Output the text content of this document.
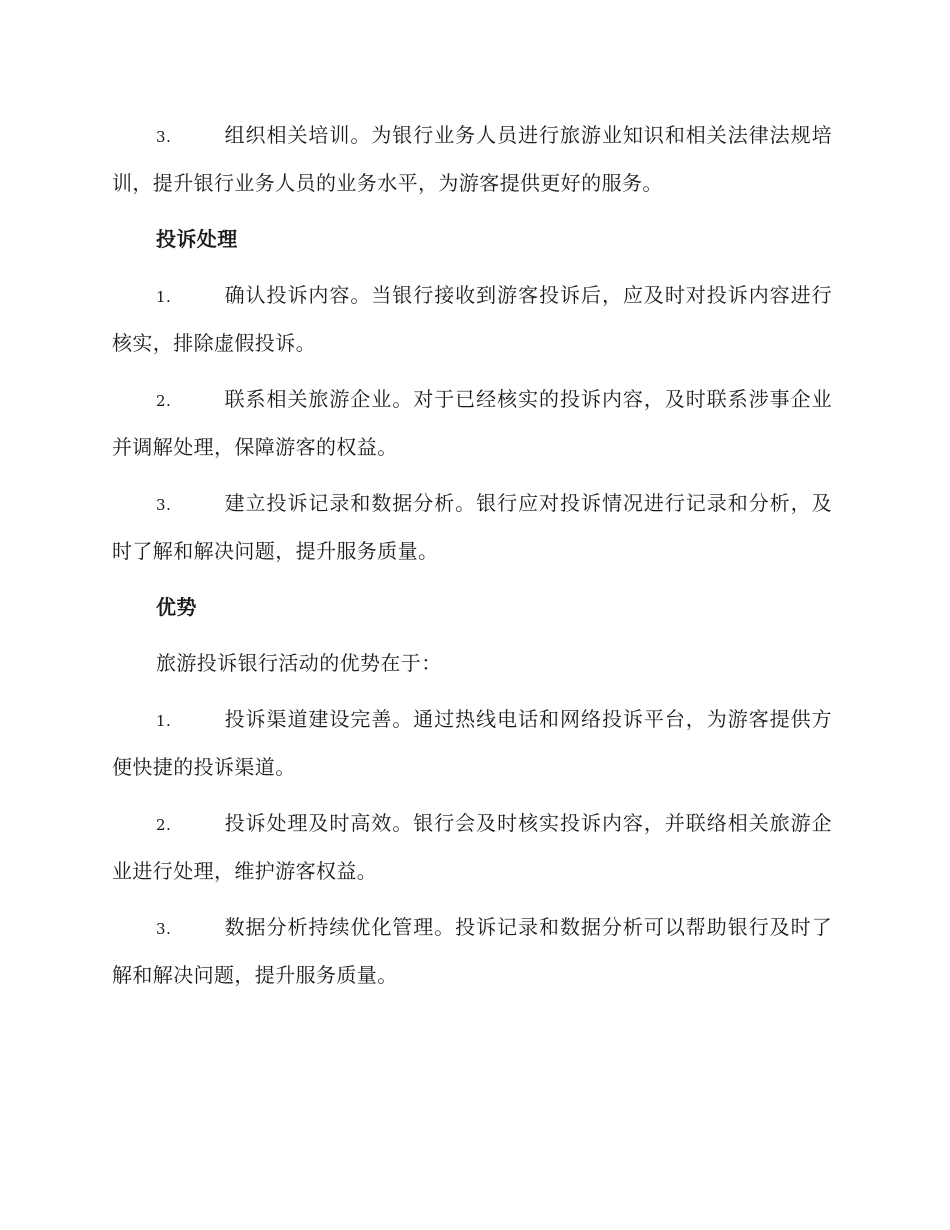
3.	组织相关培训。为银行业务人员进行旅游业知识和相关法律法规培训，提升银行业务人员的业务水平，为游客提供更好的服务。

投诉处理

1.	确认投诉内容。当银行接收到游客投诉后，应及时对投诉内容进行核实，排除虚假投诉。

2.	联系相关旅游企业。对于已经核实的投诉内容，及时联系涉事企业并调解处理，保障游客的权益。

3.	建立投诉记录和数据分析。银行应对投诉情况进行记录和分析，及时了解和解决问题，提升服务质量。

优势
旅游投诉银行活动的优势在于：

1.	投诉渠道建设完善。通过热线电话和网络投诉平台，为游客提供方便快捷的投诉渠道。

2.	投诉处理及时高效。银行会及时核实投诉内容，并联络相关旅游企业进行处理，维护游客权益。

3.	数据分析持续优化管理。投诉记录和数据分析可以帮助银行及时了解和解决问题，提升服务质量。
